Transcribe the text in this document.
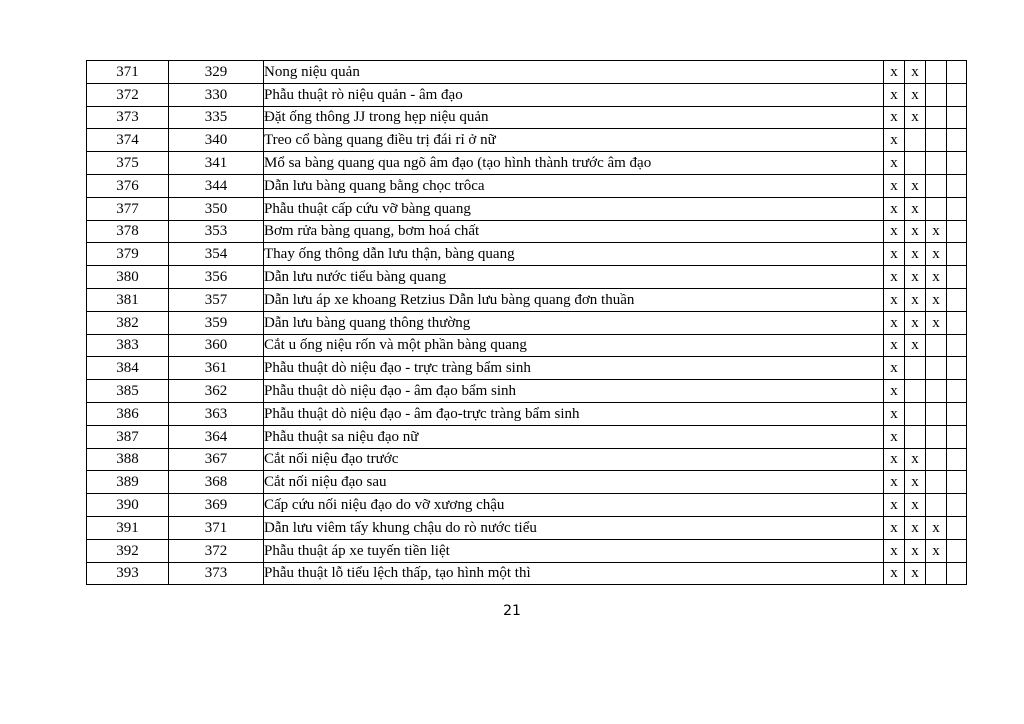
371	329	Nong niệu quản	x	x		
372	330	Phẫu thuật rò niệu quản - âm đạo	x	x		
373	335	Đặt ống thông JJ trong hẹp niệu quản	x	x		
374	340	Treo cổ bàng quang điều trị đái rỉ ở nữ	x			
375	341	Mổ sa bàng quang qua ngõ âm đạo (tạo hình thành trước âm đạo	x			
376	344	Dẫn lưu bàng quang bằng chọc trôca	x	x		
377	350	Phẫu thuật cấp cứu vỡ bàng quang	x	x		
378	353	Bơm rửa bàng quang, bơm hoá chất	x	x	x	
379	354	Thay ống thông dẫn lưu thận, bàng quang	x	x	x	
380	356	Dẫn lưu nước tiểu bàng quang	x	x	x	
381	357	Dẫn lưu áp xe khoang Retzius Dẫn lưu bàng quang đơn thuần	x	x	x	
382	359	Dẫn lưu bàng quang thông thường	x	x	x	
383	360	Cắt u ống niệu rốn và một phần bàng quang	x	x		
384	361	Phẫu thuật dò niệu đạo - trực tràng bẩm sinh	x			
385	362	Phẫu thuật dò niệu đạo - âm đạo bẩm sinh	x			
386	363	Phẫu thuật dò niệu đạo - âm đạo-trực tràng bẩm sinh	x			
387	364	Phẫu thuật sa niệu đạo nữ	x			
388	367	Cắt nối niệu đạo trước	x	x		
389	368	Cắt nối niệu đạo sau	x	x		
390	369	Cấp cứu nối niệu đạo do vỡ xương chậu	x	x		
391	371	Dẫn lưu viêm tấy khung chậu do rò nước tiểu	x	x	x	
392	372	Phẫu thuật áp xe tuyến tiền liệt	x	x	x	
393	373	Phẫu thuật lỗ tiểu lệch thấp, tạo hình một thì	x	x		
21
